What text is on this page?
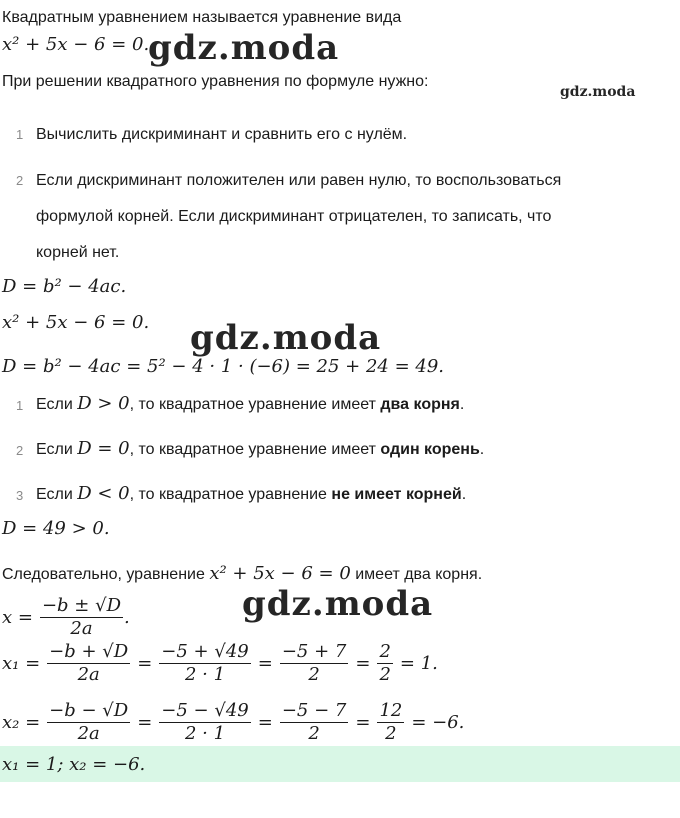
Квадратным уравнением называется уравнение вида
x² + 5x − 6 = 0.
gdz.moda
При решении квадратного уравнения по формуле нужно:
gdz.moda
1 Вычислить дискриминант и сравнить его с нулём.
2 Если дискриминант положителен или равен нулю, то воспользоваться
формулой корней. Если дискриминант отрицателен, то записать, что
корней нет.
D = b² − 4ac.
x² + 5x − 6 = 0. gdz.moda
D = b² − 4ac = 5² − 4 · 1 · (−6) = 25 + 24 = 49.
1 Если D > 0, то квадратное уравнение имеет два корня.
2 Если D = 0, то квадратное уравнение имеет один корень.
3 Если D < 0, то квадратное уравнение не имеет корней.
D = 49 > 0.
Следовательно, уравнение x² + 5x − 6 = 0 имеет два корня.
gdz.moda
$x = \frac{-b \pm √D}{2a}$ .
$x_1 = \frac{-b + √D}{2a} = \frac{-5 + √49}{2 \cdot 1} = \frac{-5 + 7}{2} = \frac{2}{2} = 1$.
$x_2 = \frac{-b - √D}{2a} = \frac{-5 - √49}{2 \cdot 1} = \frac{-5 - 7}{2} = \frac{12}{2} = -6$.
x₁ = 1; x₂ = −6.
